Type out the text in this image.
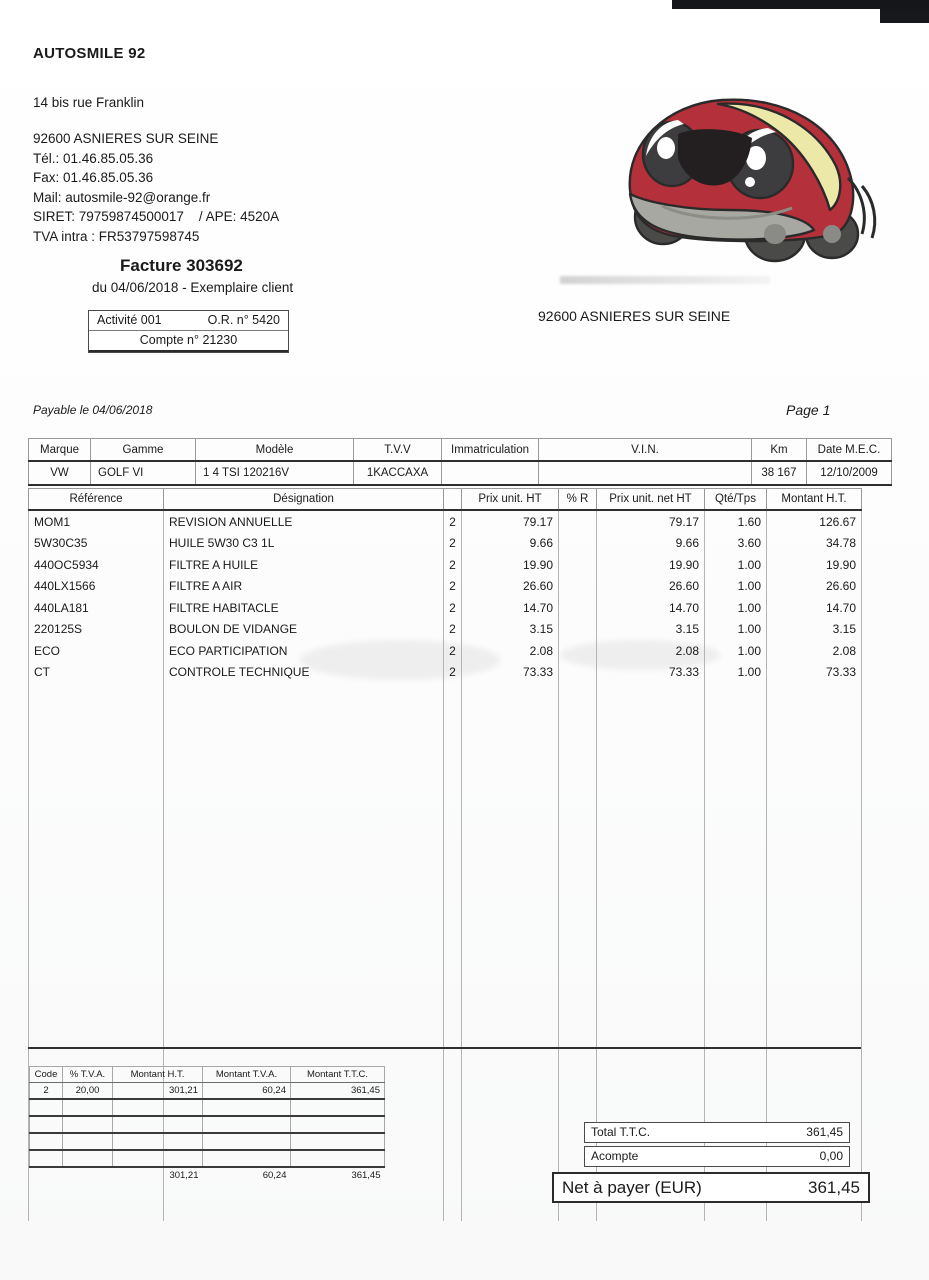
AUTOSMILE 92
14 bis rue Franklin
92600 ASNIERES SUR SEINE
Tél.: 01.46.85.05.36
Fax: 01.46.85.05.36
Mail: autosmile-92@orange.fr
SIRET: 79759874500017    / APE: 4520A
TVA intra : FR53797598745
Facture 303692
du 04/06/2018 - Exemplaire client
Activité 001	O.R. n° 5420
Compte n° 21230
92600 ASNIERES SUR SEINE
Payable le 04/06/2018	Page 1
Marque	Gamme	Modèle	T.V.V	Immatriculation	V.I.N.	Km	Date M.E.C.
VW	GOLF VI	1 4 TSI 120216V	1KACCAXA			38 167	12/10/2009
Référence	Désignation		Prix unit. HT	% R	Prix unit. net HT	Qté/Tps	Montant H.T.
MOM1	REVISION ANNUELLE	2	79.17		79.17	1.60	126.67
5W30C35	HUILE 5W30 C3 1L	2	9.66		9.66	3.60	34.78
440OC5934	FILTRE A HUILE	2	19.90		19.90	1.00	19.90
440LX1566	FILTRE A AIR	2	26.60		26.60	1.00	26.60
440LA181	FILTRE HABITACLE	2	14.70		14.70	1.00	14.70
220125S	BOULON DE VIDANGE	2	3.15		3.15	1.00	3.15
ECO	ECO PARTICIPATION	2	2.08		2.08	1.00	2.08
CT	CONTROLE TECHNIQUE	2	73.33		73.33	1.00	73.33

Code	% T.V.A.	Montant H.T.	Montant T.V.A.	Montant T.T.C.
2	20,00	301,21	60,24	361,45

		301,21	60,24	361,45
Total T.T.C.	361,45
Acompte	0,00
Net à payer (EUR)	361,45
